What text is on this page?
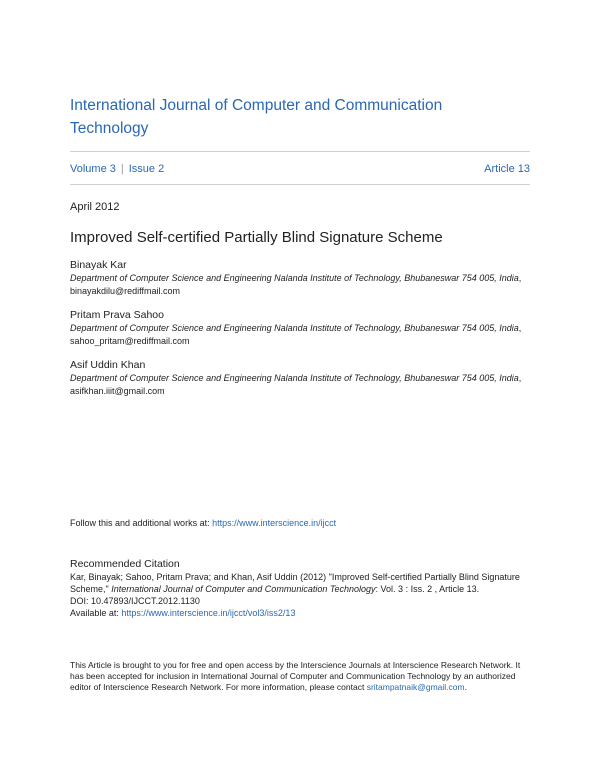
International Journal of Computer and Communication Technology
Volume 3 | Issue 2	Article 13
April 2012
Improved Self-certified Partially Blind Signature Scheme
Binayak Kar
Department of Computer Science and Engineering Nalanda Institute of Technology, Bhubaneswar 754 005, India, binayakdilu@rediffmail.com
Pritam Prava Sahoo
Department of Computer Science and Engineering Nalanda Institute of Technology, Bhubaneswar 754 005, India, sahoo_pritam@rediffmail.com
Asif Uddin Khan
Department of Computer Science and Engineering Nalanda Institute of Technology, Bhubaneswar 754 005, India, asifkhan.iiit@gmail.com
Follow this and additional works at: https://www.interscience.in/ijcct
Recommended Citation
Kar, Binayak; Sahoo, Pritam Prava; and Khan, Asif Uddin (2012) "Improved Self-certified Partially Blind Signature Scheme," International Journal of Computer and Communication Technology: Vol. 3 : Iss. 2 , Article 13.
DOI: 10.47893/IJCCT.2012.1130
Available at: https://www.interscience.in/ijcct/vol3/iss2/13
This Article is brought to you for free and open access by the Interscience Journals at Interscience Research Network. It has been accepted for inclusion in International Journal of Computer and Communication Technology by an authorized editor of Interscience Research Network. For more information, please contact sritampatnaik@gmail.com.
